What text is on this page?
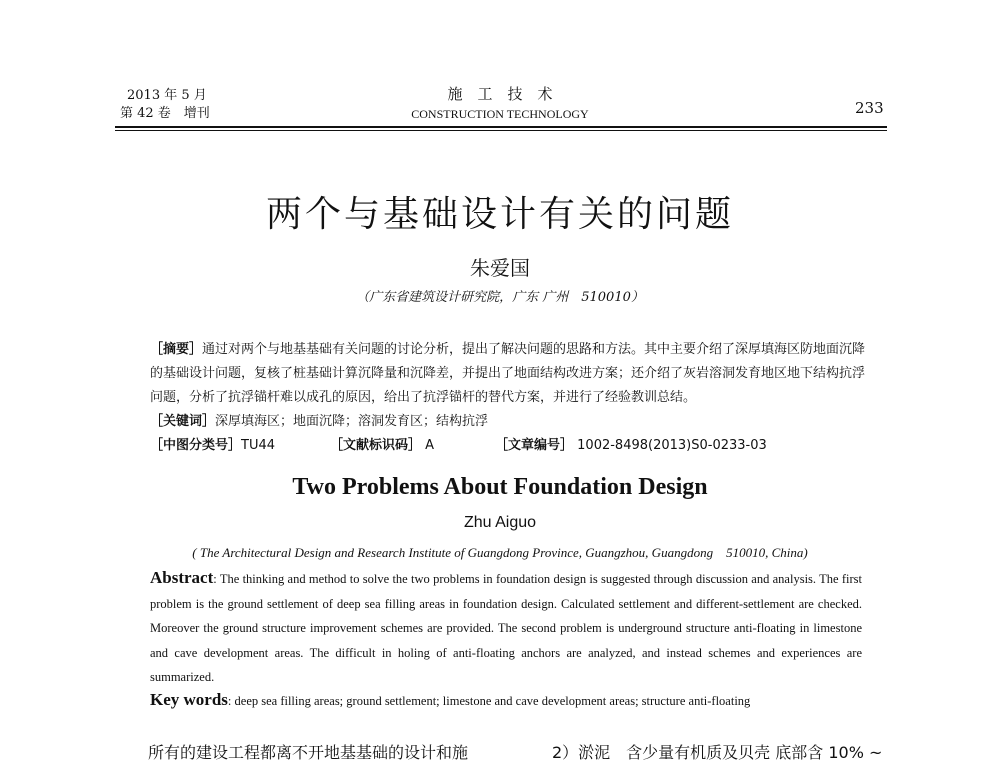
2013 年 5 月
第 42 卷　增刊
施　工　技　术
CONSTRUCTION TECHNOLOGY	233
两个与基础设计有关的问题
朱爱国
（广东省建筑设计研究院，广东 广州　510010）
［摘要］通过对两个与地基基础有关问题的讨论分析，提出了解决问题的思路和方法。其中主要介绍了深厚填海区防地面沉降的基础设计问题，复核了桩基础计算沉降量和沉降差，并提出了地面结构改进方案；还介绍了灰岩溶洞发育地区地下结构抗浮问题，分析了抗浮锚杆难以成孔的原因，给出了抗浮锚杆的替代方案，并进行了经验教训总结。
［关键词］深厚填海区；地面沉降；溶洞发育区；结构抗浮
［中图分类号］TU44	［文献标识码］ A	［文章编号］ 1002-8498(2013)S0-0233-03
Two Problems About Foundation Design
Zhu Aiguo
( The Architectural Design and Research Institute of Guangdong Province, Guangzhou, Guangdong　510010, China)
Abstract: The thinking and method to solve the two problems in foundation design is suggested through discussion and analysis. The first problem is the ground settlement of deep sea filling areas in foundation design. Calculated settlement and different-settlement are checked. Moreover the ground structure improvement schemes are provided. The second problem is underground structure anti-floating in limestone and cave development areas. The difficult in holing of anti-floating anchors are analyzed, and instead schemes and experiences are summarized.
Key words: deep sea filling areas; ground settlement; limestone and cave development areas; structure anti-floating
所有的建设工程都离不开地基基础的设计和施	2）淤泥　含少量有机质及贝壳 底部含 10% ~
